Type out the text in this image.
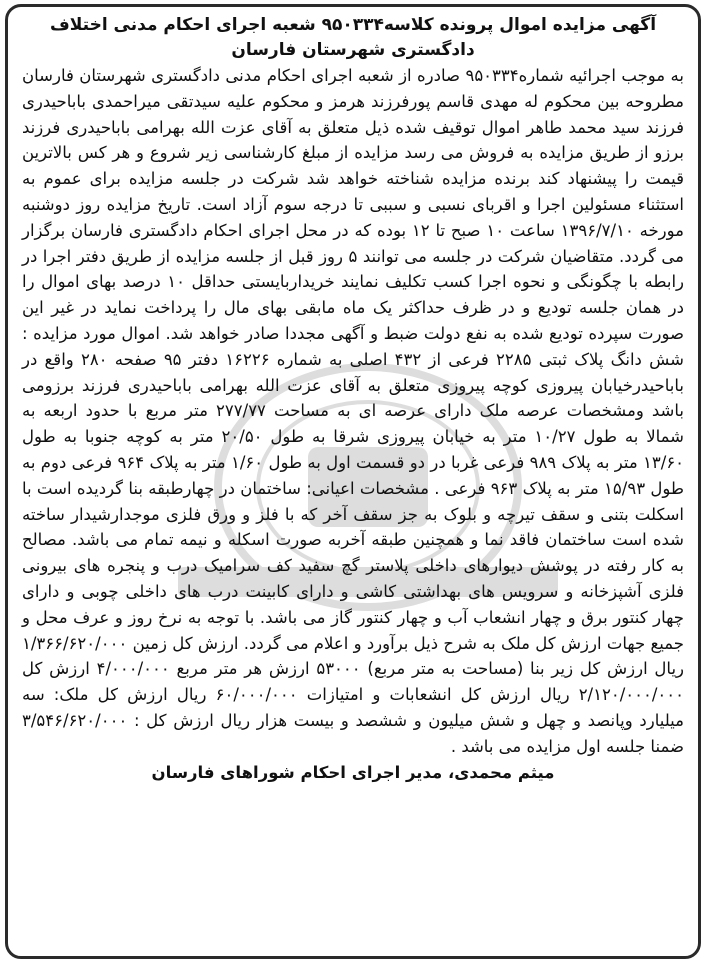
آگهی مزایده اموال پرونده کلاسه۹۵۰۳۳۴ شعبه اجرای احکام مدنی اختلاف

دادگستری شهرستان فارسان

به موجب اجرائیه شماره۹۵۰۳۳۴ صادره از شعبه اجرای احکام مدنی دادگستری شهرستان فارسان مطروحه بین محکوم له مهدی قاسم پورفرزند هرمز و محکوم علیه سیدتقی میراحمدی باباحیدری فرزند سید محمد طاهر اموال توقیف شده ذیل متعلق به آقای عزت الله بهرامی باباحیدری فرزند برزو از طریق مزایده به فروش می رسد مزایده از مبلغ کارشناسی زیر شروع و هر کس بالاترین قیمت را پیشنهاد کند برنده مزایده شناخته خواهد شد شرکت در جلسه مزایده برای عموم به استثناء مسئولین اجرا و اقربای نسبی و سببی تا درجه سوم آزاد است. تاریخ مزایده روز دوشنبه مورخه ۱۳۹۶/۷/۱۰ ساعت ۱۰ صبح تا ۱۲ بوده که در محل اجرای احکام دادگستری فارسان برگزار می گردد. متقاضیان شرکت در جلسه می توانند ۵ روز قبل از جلسه مزایده از طریق دفتر اجرا در رابطه با چگونگی و نحوه اجرا کسب تکلیف نمایند خریداربایستی حداقل ۱۰ درصد بهای اموال را در همان جلسه تودیع و در ظرف حداکثر یک ماه مابقی بهای مال را پرداخت نماید در غیر این صورت سپرده تودیع شده به نفع دولت ضبط و آگهی مجددا صادر خواهد شد. اموال مورد مزایده : شش دانگ پلاک ثبتی ۲۲۸۵ فرعی از ۴۳۲ اصلی به شماره ۱۶۲۲۶ دفتر ۹۵ صفحه ۲۸۰ واقع در باباحیدرخیابان پیروزی کوچه پیروزی متعلق به آقای عزت الله بهرامی باباحیدری فرزند برزومی باشد ومشخصات عرصه ملک دارای عرصه ای به مساحت ۲۷۷/۷۷ متر مربع با حدود اربعه به شمالا به طول ۱۰/۲۷ متر به خیابان پیروزی شرقا به طول ۲۰/۵۰ متر به کوچه جنوبا به طول ۱۳/۶۰ متر به پلاک ۹۸۹ فرعی غربا در دو قسمت اول به طول ۱/۶۰ متر به پلاک ۹۶۴ فرعی دوم به طول ۱۵/۹۳ متر به پلاک ۹۶۳ فرعی . مشخصات اعیانی: ساختمان در چهارطبقه بنا گردیده است با اسکلت بتنی و سقف تیرچه و بلوک به جز سقف آخر که با فلز و ورق فلزی موجدارشیدار ساخته شده است ساختمان فاقد نما و همچنین طبقه آخربه صورت اسکله و نیمه تمام می باشد. مصالح به کار رفته در پوشش دیوارهای داخلی پلاستر گچ سفید کف سرامیک درب و پنجره های بیرونی فلزی آشپزخانه و سرویس های بهداشتی کاشی و دارای کابینت درب های داخلی چوبی و دارای چهار کنتور برق و چهار انشعاب آب و چهار کنتور گاز می باشد. با توجه به نرخ روز و عرف محل و جمیع جهات ارزش کل ملک به شرح ذیل برآورد و اعلام می گردد. ارزش کل زمین ۱/۳۶۶/۶۲۰/۰۰۰ ریال ارزش کل زیر بنا (مساحت به متر مربع) ۵۳۰۰۰ ارزش هر متر مربع ۴/۰۰۰/۰۰۰ ارزش کل ۲/۱۲۰/۰۰۰/۰۰۰ ریال ارزش کل انشعابات و امتیازات ۶۰/۰۰۰/۰۰۰ ریال ارزش کل ملک: سه میلیارد وپانصد و چهل و شش میلیون و ششصد و بیست هزار ریال ارزش کل : ۳/۵۴۶/۶۲۰/۰۰۰ ضمنا جلسه اول مزایده می باشد .

میثم محمدی، مدیر اجرای احکام شوراهای فارسان
